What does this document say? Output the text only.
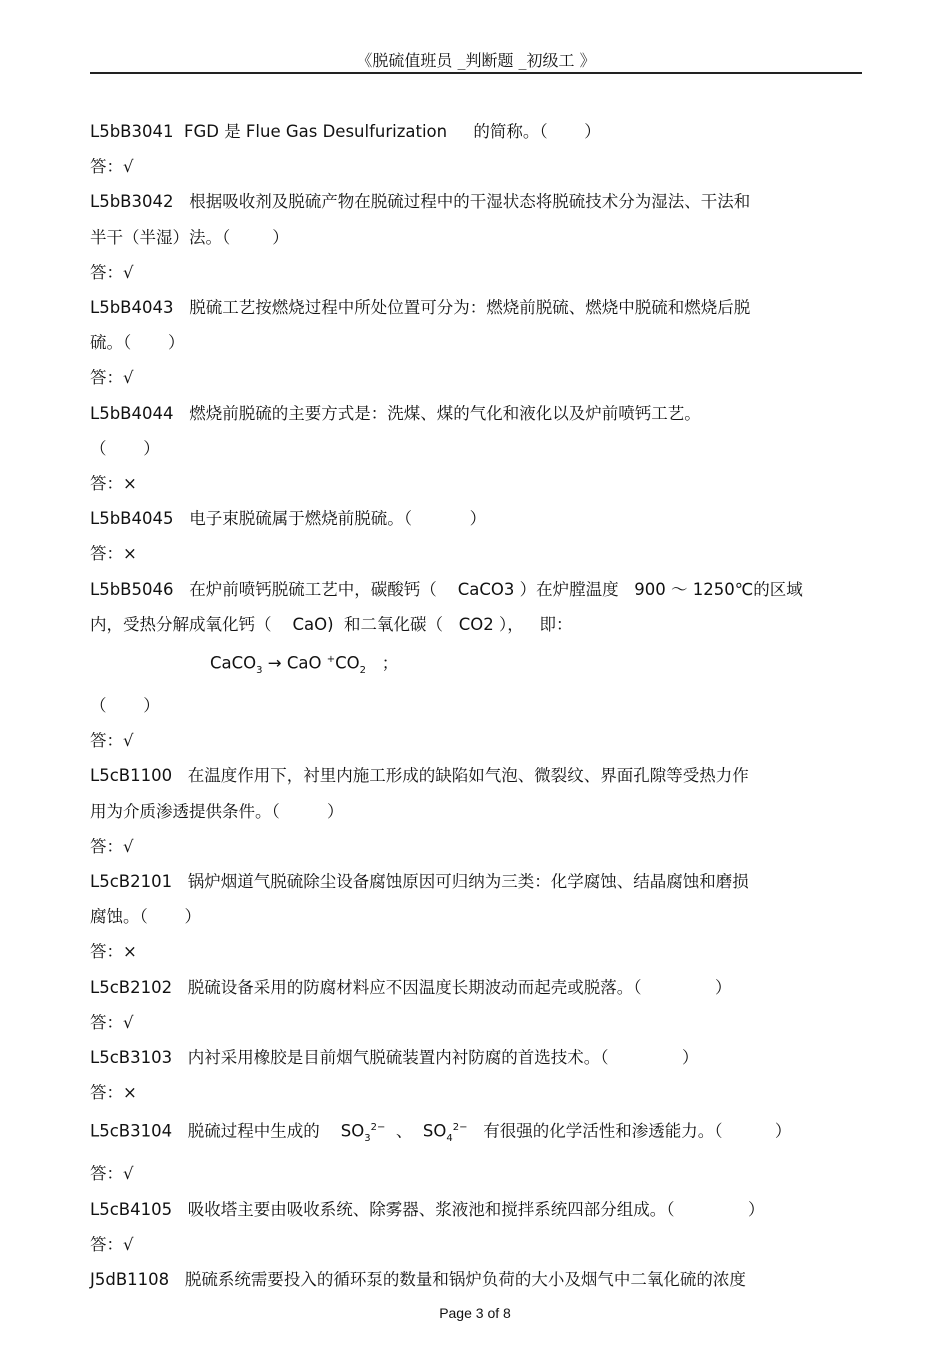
《脱硫值班员 _判断题 _初级工 》
L5bB3041  FGD 是 Flue Gas Desulfurization     的简称。（       ）
答：√
L5bB3042   根据吸收剂及脱硫产物在脱硫过程中的干湿状态将脱硫技术分为湿法、干法和
半干（半湿）法。（        ）
答：√
L5bB4043   脱硫工艺按燃烧过程中所处位置可分为：燃烧前脱硫、燃烧中脱硫和燃烧后脱
硫。（       ）
答：√
L5bB4044   燃烧前脱硫的主要方式是：洗煤、煤的气化和液化以及炉前喷钙工艺。
（       ）
答：×
L5bB4045   电子束脱硫属于燃烧前脱硫。（           ）
答：×
L5bB5046   在炉前喷钙脱硫工艺中，碳酸钙（    CaCO3 ）在炉膛温度   900 ～ 1250℃的区域
内，受热分解成氧化钙（    CaO)  和二氧化碳（   CO2 ），   即：
CaCO$_3$ → CaO $^+CO_2$   ；
（       ）
答：√
L5cB1100   在温度作用下，衬里内施工形成的缺陷如气泡、微裂纹、界面孔隙等受热力作
用为介质渗透提供条件。（         ）
答：√
L5cB2101   锅炉烟道气脱硫除尘设备腐蚀原因可归纳为三类：化学腐蚀、结晶腐蚀和磨损
腐蚀。（       ）
答：×
L5cB2102   脱硫设备采用的防腐材料应不因温度长期波动而起壳或脱落。（              ）
答：√
L5cB3103   内衬采用橡胶是目前烟气脱硫装置内衬防腐的首选技术。（              ）
答：×
L5cB3104   脱硫过程中生成的    $SO_3^{2-}$  、  $SO_4^{2-}$   有很强的化学活性和渗透能力。（          ）
答：√
L5cB4105   吸收塔主要由吸收系统、除雾器、浆液池和搅拌系统四部分组成。（              ）
答：√
J5dB1108   脱硫系统需要投入的循环泵的数量和锅炉负荷的大小及烟气中二氧化硫的浓度
Page 3 of 8
